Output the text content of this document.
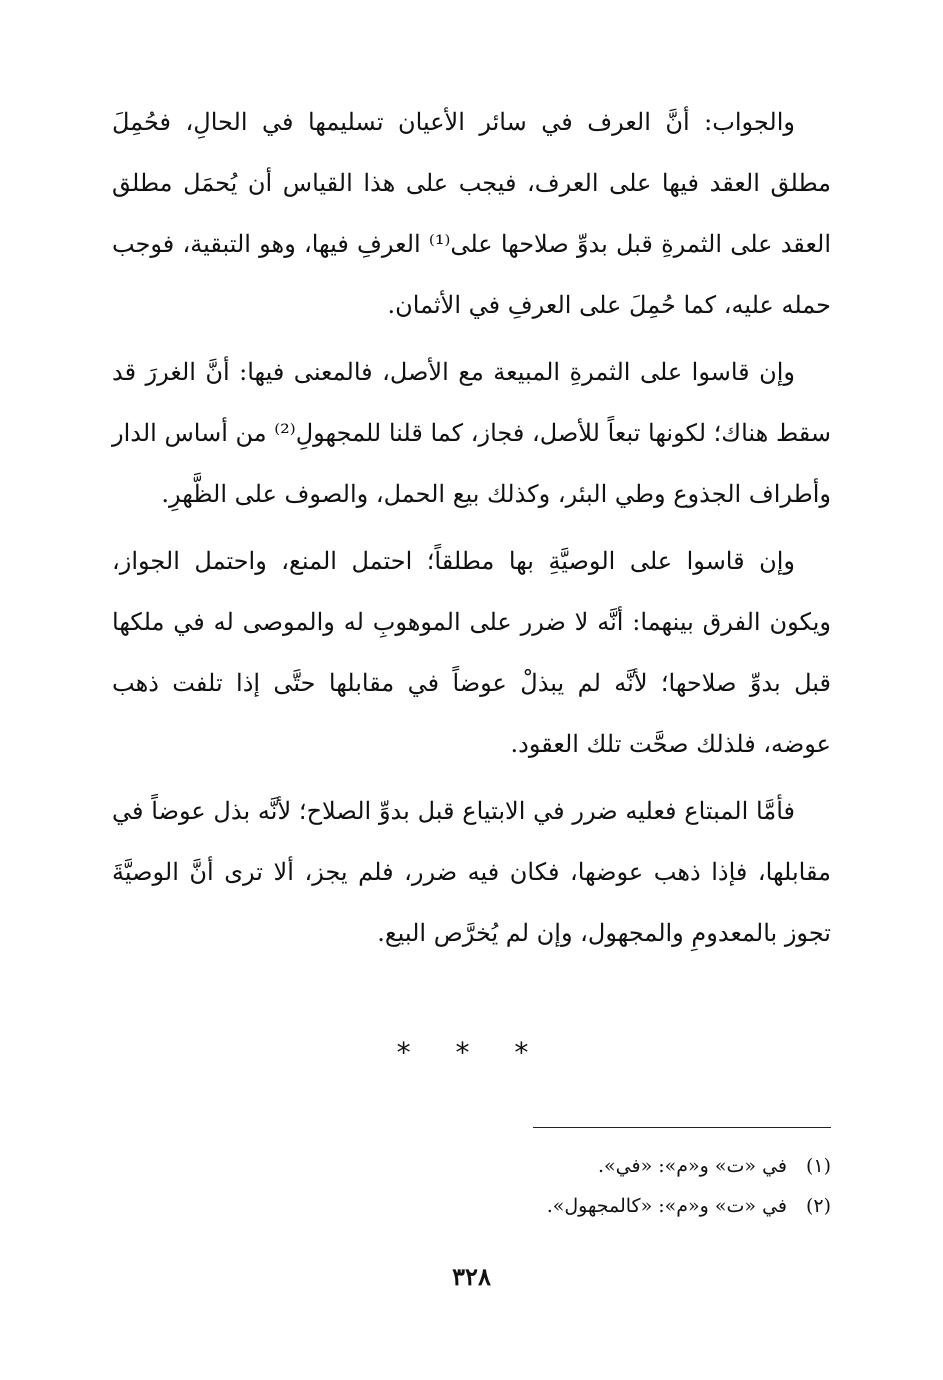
والجواب: أنَّ العرف في سائر الأعيان تسليمها في الحالِ، فحُمِلَ مطلق العقد فيها على العرف، فيجب على هذا القياس أن يُحمَل مطلق العقد على الثمرةِ قبل بدوِّ صلاحها على⁽¹⁾ العرفِ فيها، وهو التبقية، فوجب حمله عليه، كما حُمِلَ على العرفِ في الأثمان.

وإن قاسوا على الثمرةِ المبيعة مع الأصل، فالمعنى فيها: أنَّ الغررَ قد سقط هناك؛ لكونها تبعاً للأصل، فجاز، كما قلنا للمجهولِ⁽²⁾ من أساس الدار وأطراف الجذوع وطي البئر، وكذلك بيع الحمل، والصوف على الظَّهرِ.

وإن قاسوا على الوصيَّةِ بها مطلقاً؛ احتمل المنع، واحتمل الجواز، ويكون الفرق بينهما: أنَّه لا ضرر على الموهوبِ له والموصى له في ملكها قبل بدوِّ صلاحها؛ لأنَّه لم يبذلْ عوضاً في مقابلها حتَّى إذا تلفت ذهب عوضه، فلذلك صحَّت تلك العقود.

فأمَّا المبتاع فعليه ضرر في الابتياع قبل بدوِّ الصلاح؛ لأنَّه بذل عوضاً في مقابلها، فإذا ذهب عوضها، فكان فيه ضرر، فلم يجز، ألا ترى أنَّ الوصيَّةَ تجوز بالمعدومِ والمجهول، وإن لم يُخرَّص البيع.

* * *
(١)
في «ت» و«م»: «في».
(٢)
في «ت» و«م»: «كالمجهول».
٣٢٨
